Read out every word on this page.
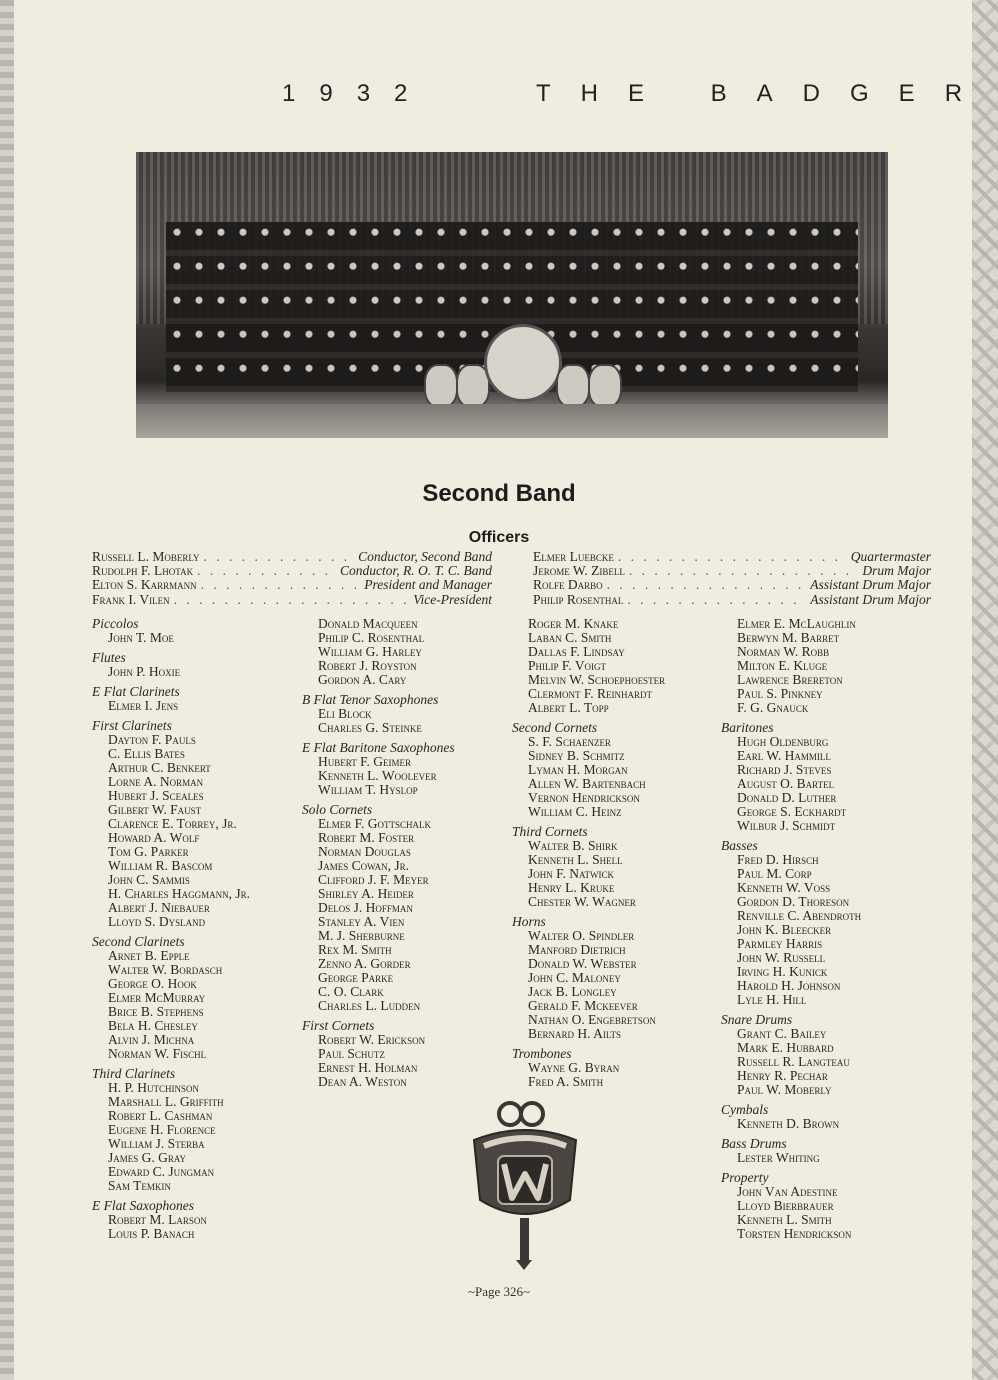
1932	THE BADGER
Second Band
Officers
Russell L. Moberly . . .	Conductor, Second Band
Rudolph F. Lhotak . . .	Conductor, R. O. T. C. Band
Elton S. Karrmann . . .	President and Manager
Frank I. Vilen . . .	Vice-President
Elmer Luebcke . . .	Quartermaster
Jerome W. Zibell . . .	Drum Major
Rolfe Darbo . . .	Assistant Drum Major
Philip Rosenthal . . .	Assistant Drum Major
Piccolos
John T. Moe
Flutes
John P. Hoxie
E Flat Clarinets
Elmer I. Jens
First Clarinets
Dayton F. Pauls
C. Ellis Bates
Arthur C. Benkert
Lorne A. Norman
Hubert J. Sceales
Gilbert W. Faust
Clarence E. Torrey, Jr.
Howard A. Wolf
Tom G. Parker
William R. Bascom
John C. Sammis
H. Charles Haggmann, Jr.
Albert J. Niebauer
Lloyd S. Dysland
Second Clarinets
Arnet B. Epple
Walter W. Bordasch
George O. Hook
Elmer McMurray
Brice B. Stephens
Bela H. Chesley
Alvin J. Michna
Norman W. Fischl
Third Clarinets
H. P. Hutchinson
Marshall L. Griffith
Robert L. Cashman
Eugene H. Florence
William J. Sterba
James G. Gray
Edward C. Jungman
Sam Temkin
E Flat Saxophones
Robert M. Larson
Louis P. Banach
Donald Macqueen
Philip C. Rosenthal
William G. Harley
Robert J. Royston
Gordon A. Cary
B Flat Tenor Saxophones
Eli Block
Charles G. Steinke
E Flat Baritone Saxophones
Hubert F. Geimer
Kenneth L. Woolever
William T. Hyslop
Solo Cornets
Elmer F. Gottschalk
Robert M. Foster
Norman Douglas
James Cowan, Jr.
Clifford J. F. Meyer
Shirley A. Heider
Delos J. Hoffman
Stanley A. Vien
M. J. Sherburne
Rex M. Smith
Zenno A. Gorder
George Parke
C. O. Clark
Charles L. Ludden
First Cornets
Robert W. Erickson
Paul Schutz
Ernest H. Holman
Dean A. Weston
Roger M. Knake
Laban C. Smith
Dallas F. Lindsay
Philip F. Voigt
Melvin W. Schoephoester
Clermont F. Reinhardt
Albert L. Topp
Second Cornets
S. F. Schaenzer
Sidney B. Schmitz
Lyman H. Morgan
Allen W. Bartenbach
Vernon Hendrickson
William C. Heinz
Third Cornets
Walter B. Shirk
Kenneth L. Shell
John F. Natwick
Henry L. Kruke
Chester W. Wagner
Horns
Walter O. Spindler
Manford Dietrich
Donald W. Webster
John C. Maloney
Jack B. Longley
Gerald F. Mckeever
Nathan O. Engebretson
Bernard H. Ailts
Trombones
Wayne G. Byran
Fred A. Smith
Elmer E. McLaughlin
Berwyn M. Barret
Norman W. Robb
Milton E. Kluge
Lawrence Brereton
Paul S. Pinkney
F. G. Gnauck
Baritones
Hugh Oldenburg
Earl W. Hammill
Richard J. Steves
August O. Bartel
Donald D. Luther
George S. Eckhardt
Wilbur J. Schmidt
Basses
Fred D. Hirsch
Paul M. Corp
Kenneth W. Voss
Gordon D. Thoreson
Renville C. Abendroth
John K. Bleecker
Parmley Harris
John W. Russell
Irving H. Kunick
Harold H. Johnson
Lyle H. Hill
Snare Drums
Grant C. Bailey
Mark E. Hubbard
Russell R. Langteau
Henry R. Pechar
Paul W. Moberly
Cymbals
Kenneth D. Brown
Bass Drums
Lester Whiting
Property
John Van Adestine
Lloyd Bierbrauer
Kenneth L. Smith
Torsten Hendrickson
~Page 326~
